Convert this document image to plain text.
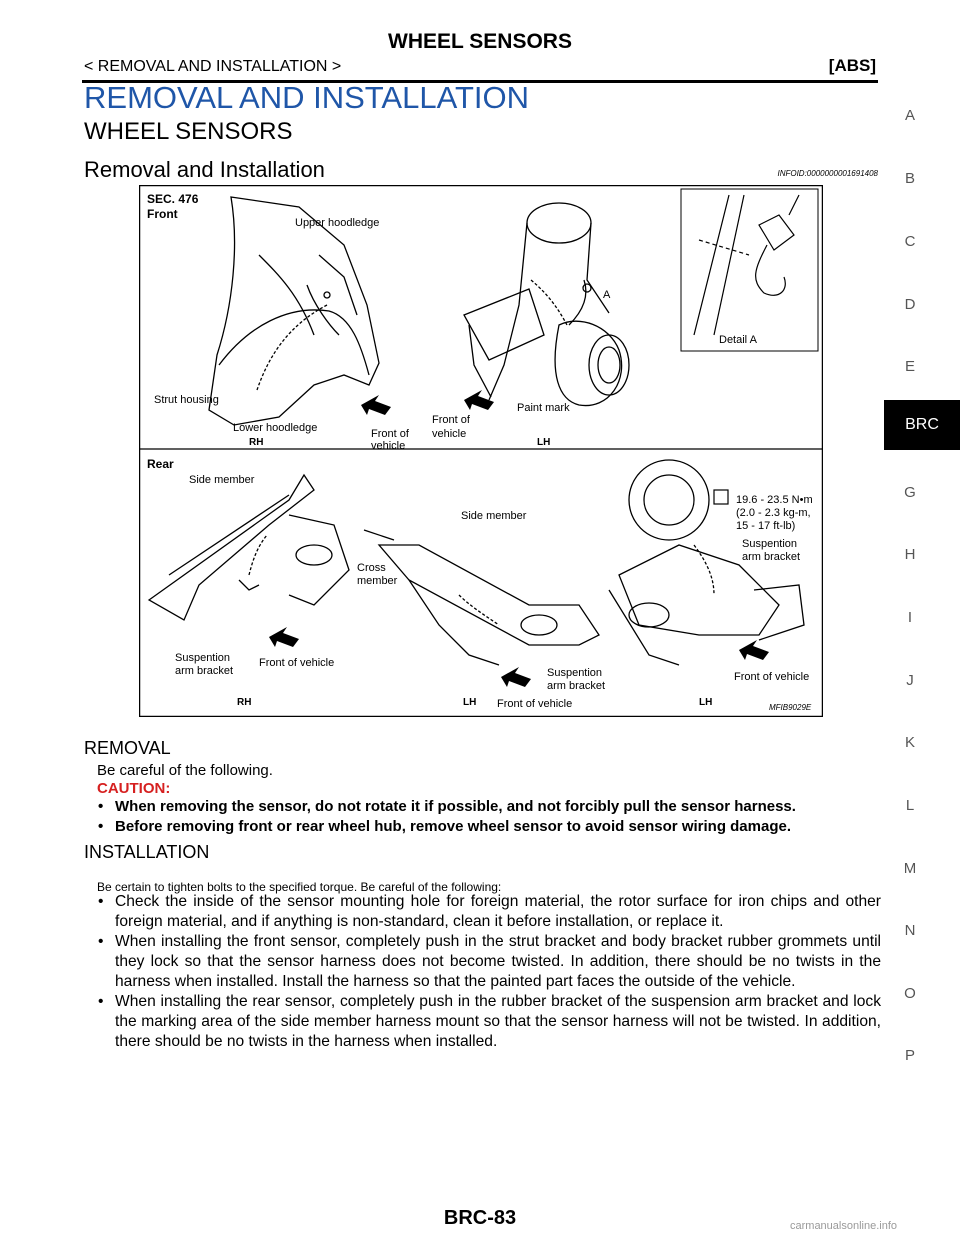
WHEEL SENSORS
< REMOVAL AND INSTALLATION >	[ABS]
REMOVAL AND INSTALLATION
WHEEL SENSORS
Removal and Installation	INFOID:0000000001691408
SEC. 476
Front
Upper hoodledge
Strut housing
Lower hoodledge	Front of
vehicle
Front of
vehicle
Paint mark
A
Detail A
RH	LH
Rear
Side member
Side member
Cross
member
Suspention
arm bracket
Front of vehicle
Suspention
arm bracket
Front of vehicle
Front of vehicle
19.6 - 23.5 N•m
(2.0 - 2.3 kg-m,
15 - 17 ft-lb)
Suspention
arm bracket
RH	LH	LH	MFIB9029E
REMOVAL
Be careful of the following.
CAUTION:
• When removing the sensor, do not rotate it if possible, and not forcibly pull the sensor harness.
• Before removing front or rear wheel hub, remove wheel sensor to avoid sensor wiring damage.
INSTALLATION
Be certain to tighten bolts to the specified torque. Be careful of the following:
• Check the inside of the sensor mounting hole for foreign material, the rotor surface for iron chips and other foreign material, and if anything is non-standard, clean it before installation, or replace it.
• When installing the front sensor, completely push in the strut bracket and body bracket rubber grommets until they lock so that the sensor harness does not become twisted. In addition, there should be no twists in the harness when installed. Install the harness so that the painted part faces the outside of the vehicle.
• When installing the rear sensor, completely push in the rubber bracket of the suspension arm bracket and lock the marking area of the side member harness mount so that the sensor harness will not be twisted. In addition, there should be no twists in the harness when installed.
A
B
C
D
E
G
H
I
J
K
L
M
N
O
P
BRC
BRC-83	carmanualsonline.info
